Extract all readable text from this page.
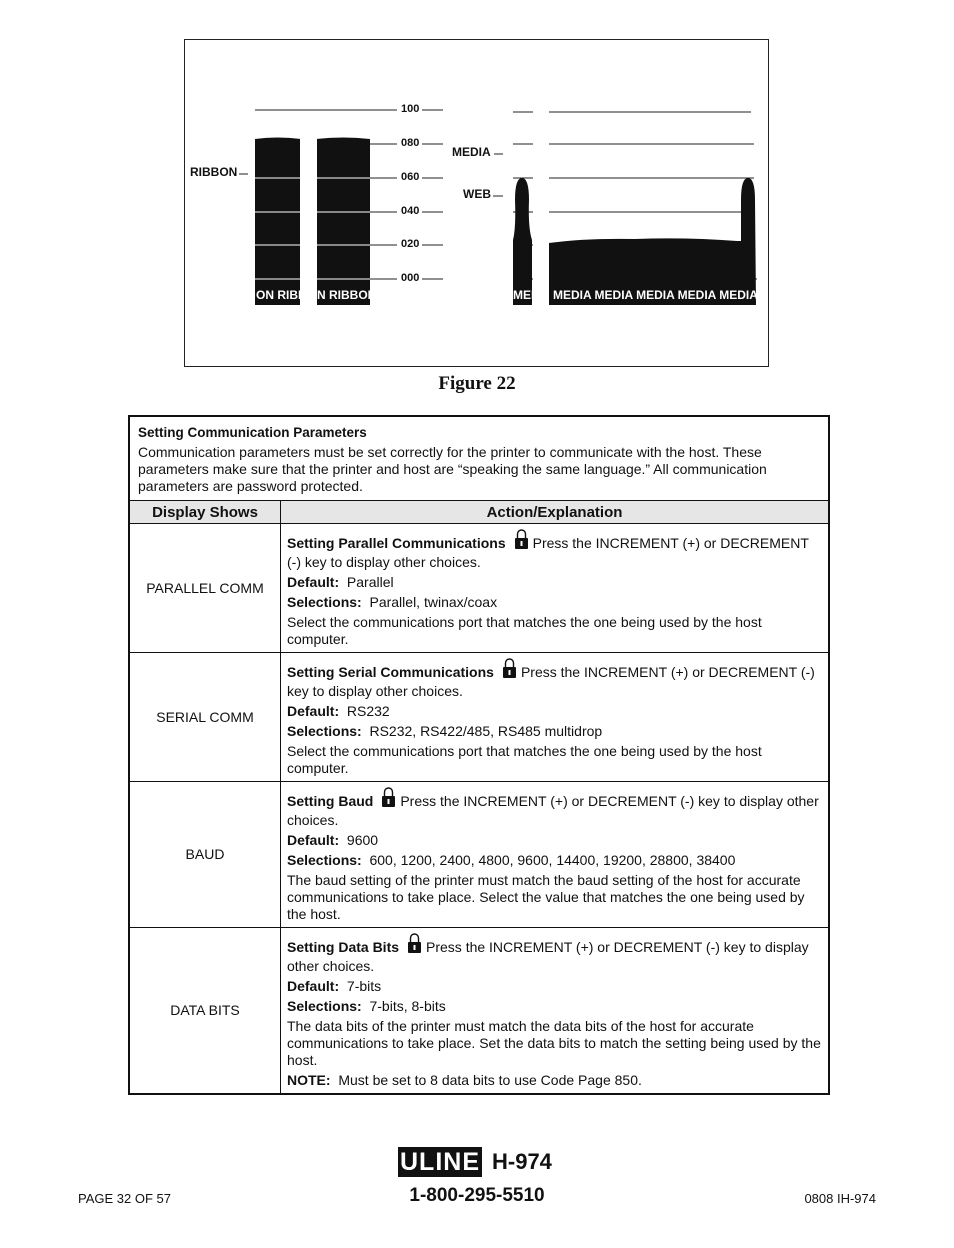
ON RIBB N RIBBON	MED MEDIA MEDIA MEDIA MEDIA MEDIA
100
080
060
040
020
000
RIBBON
MEDIA
WEB
Figure 22
Setting Communication Parameters
Communication parameters must be set correctly for the printer to communicate with the host. These parameters make sure that the printer and host are “speaking the same language.” All communication parameters are password protected.	

Display Shows	Action/Explanation
PARALLEL COMM	Setting Parallel Communications Press the INCREMENT (+) or DECREMENT (-) key to display other choices.

Default: Parallel

Selections: Parallel, twinax/coax

Select the communications port that matches the one being used by the host computer.

SERIAL COMM	Setting Serial Communications Press the INCREMENT (+) or DECREMENT (-) key to display other choices.

Default: RS232

Selections: RS232, RS422/485, RS485 multidrop

Select the communications port that matches the one being used by the host computer.

BAUD	Setting Baud Press the INCREMENT (+) or DECREMENT (-) key to display other choices.

Default: 9600

Selections: 600, 1200, 2400, 4800, 9600, 14400, 19200, 28800, 38400

The baud setting of the printer must match the baud setting of the host for accurate communications to take place. Select the value that matches the one being used by the host.

DATA BITS	Setting Data Bits Press the INCREMENT (+) or DECREMENT (-) key to display other choices.

Default: 7-bits

Selections: 7-bits, 8-bits

The data bits of the printer must match the data bits of the host for accurate communications to take place. Set the data bits to match the setting being used by the host.

NOTE: Must be set to 8 data bits to use Code Page 850.

ULINE H-974
1-800-295-5510
PAGE 32 OF 57	0808 IH-974
